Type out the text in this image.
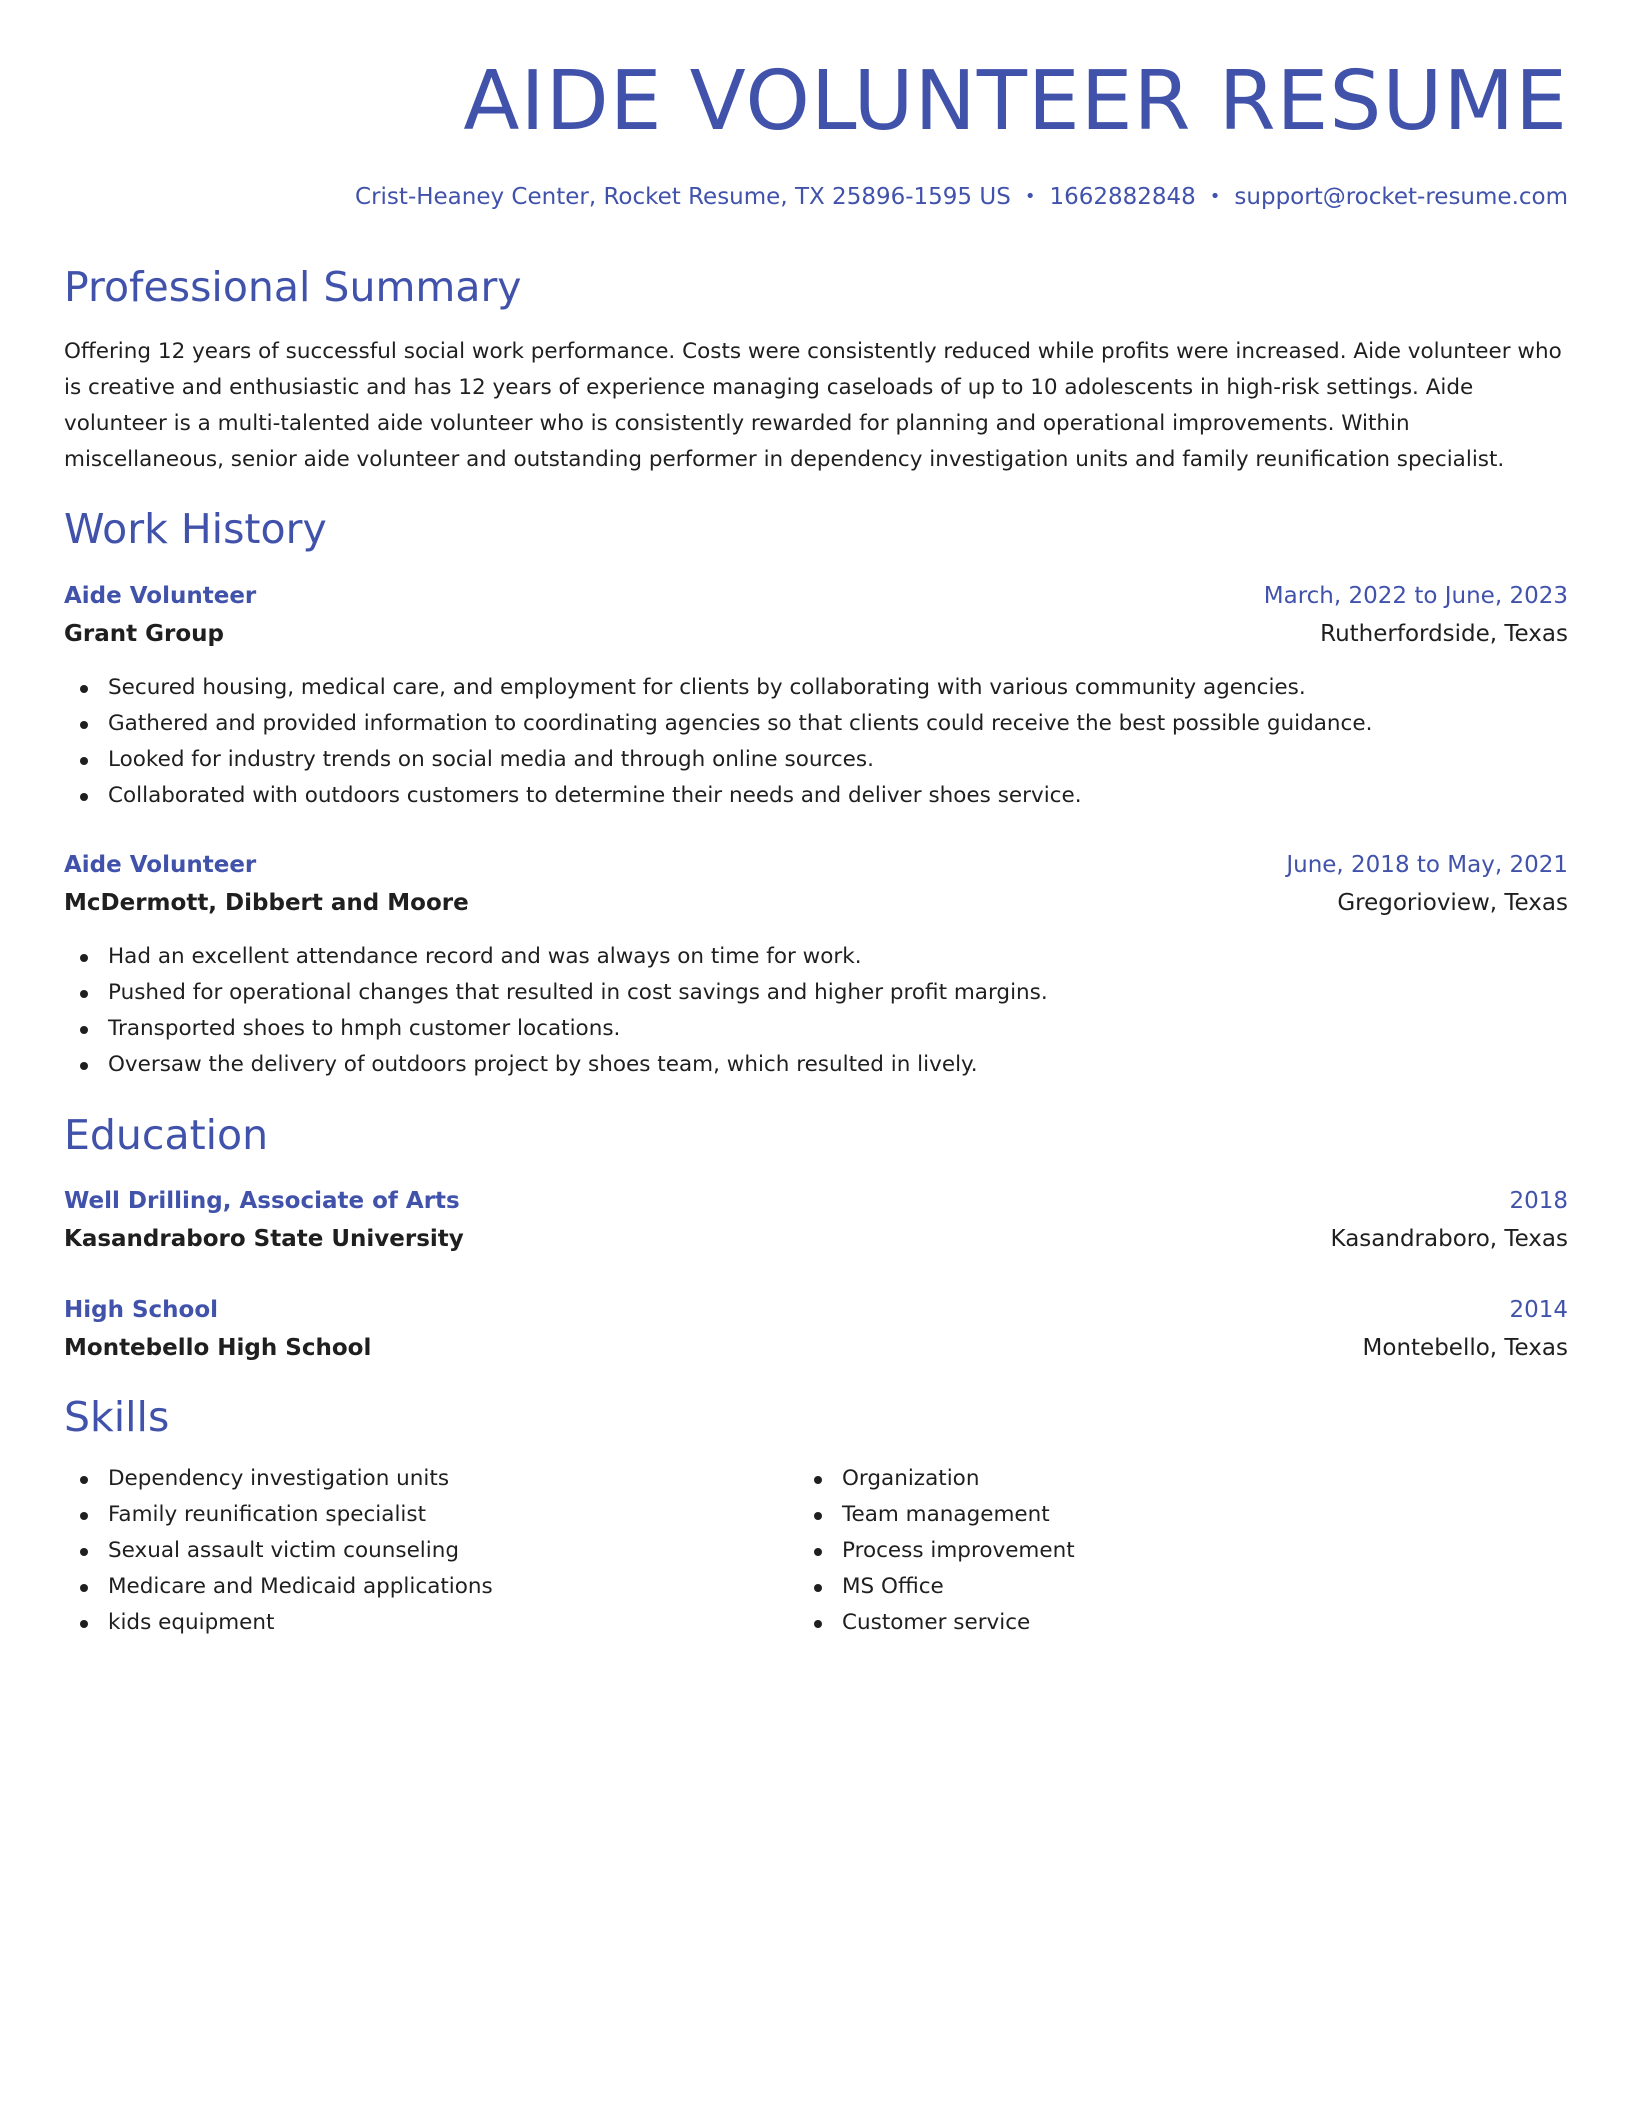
AIDE VOLUNTEER RESUME
Crist-Heaney Center, Rocket Resume, TX 25896-1595 US • 1662882848 • support@rocket-resume.com
Professional Summary

Offering 12 years of successful social work performance. Costs were consistently reduced while profits were increased. Aide volunteer who is creative and enthusiastic and has 12 years of experience managing caseloads of up to 10 adolescents in high-risk settings. Aide volunteer is a multi-talented aide volunteer who is consistently rewarded for planning and operational improvements. Within miscellaneous, senior aide volunteer and outstanding performer in dependency investigation units and family reunification specialist.

Work History
Aide Volunteer	March, 2022 to June, 2023
Grant Group	Rutherfordside, Texas
Secured housing, medical care, and employment for clients by collaborating with various community agencies.
Gathered and provided information to coordinating agencies so that clients could receive the best possible guidance.
Looked for industry trends on social media and through online sources.
Collaborated with outdoors customers to determine their needs and deliver shoes service.
Aide Volunteer	June, 2018 to May, 2021
McDermott, Dibbert and Moore	Gregorioview, Texas
Had an excellent attendance record and was always on time for work.
Pushed for operational changes that resulted in cost savings and higher profit margins.
Transported shoes to hmph customer locations.
Oversaw the delivery of outdoors project by shoes team, which resulted in lively.
Education
Well Drilling, Associate of Arts	2018
Kasandraboro State University	Kasandraboro, Texas
High School	2014
Montebello High School	Montebello, Texas
Skills
Dependency investigation units
Family reunification specialist
Sexual assault victim counseling
Medicare and Medicaid applications
kids equipment
Organization
Team management
Process improvement
MS Office
Customer service
